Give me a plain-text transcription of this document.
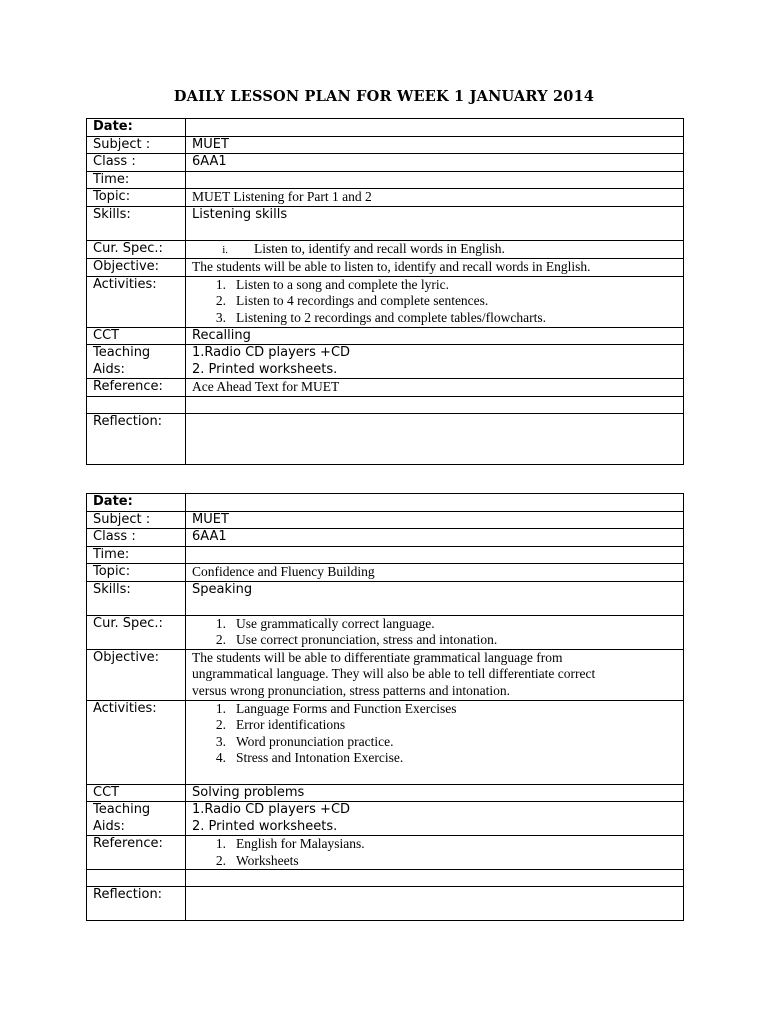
DAILY LESSON PLAN FOR WEEK 1 JANUARY 2014
Date:	
Subject :	MUET
Class :	6AA1
Time:	
Topic:	MUET Listening for Part 1 and 2
Skills:	Listening skills
Cur. Spec.:	i. Listen to, identify and recall words in English.

Objective:	The students will be able to listen to, identify and recall words in English.

Activities:	1. Listen to a song and complete the lyric.
2. Listen to 4 recordings and complete sentences.
3. Listening to 2 recordings and complete tables/flowcharts.

CCT	Recalling

Teaching
Aids:	1.Radio CD players +CD
2. Printed worksheets.

Reference:	Ace Ahead Text for MUET

Reflection:	
Date:	
Subject :	MUET
Class :	6AA1
Time:	
Topic:	Confidence and Fluency Building
Skills:	Speaking
Cur. Spec.:	1. Use grammatically correct language.
2. Use correct pronunciation, stress and intonation.

Objective:	The students will be able to differentiate grammatical language from
ungrammatical language. They will also be able to tell differentiate correct
versus wrong pronunciation, stress patterns and intonation.

Activities:	1. Language Forms and Function Exercises
2. Error identifications
3. Word pronunciation practice.
4. Stress and Intonation Exercise.

CCT	Solving problems

Teaching
Aids:	1.Radio CD players +CD
2. Printed worksheets.

Reference:	1. English for Malaysians.
2. Worksheets

Reflection:	
